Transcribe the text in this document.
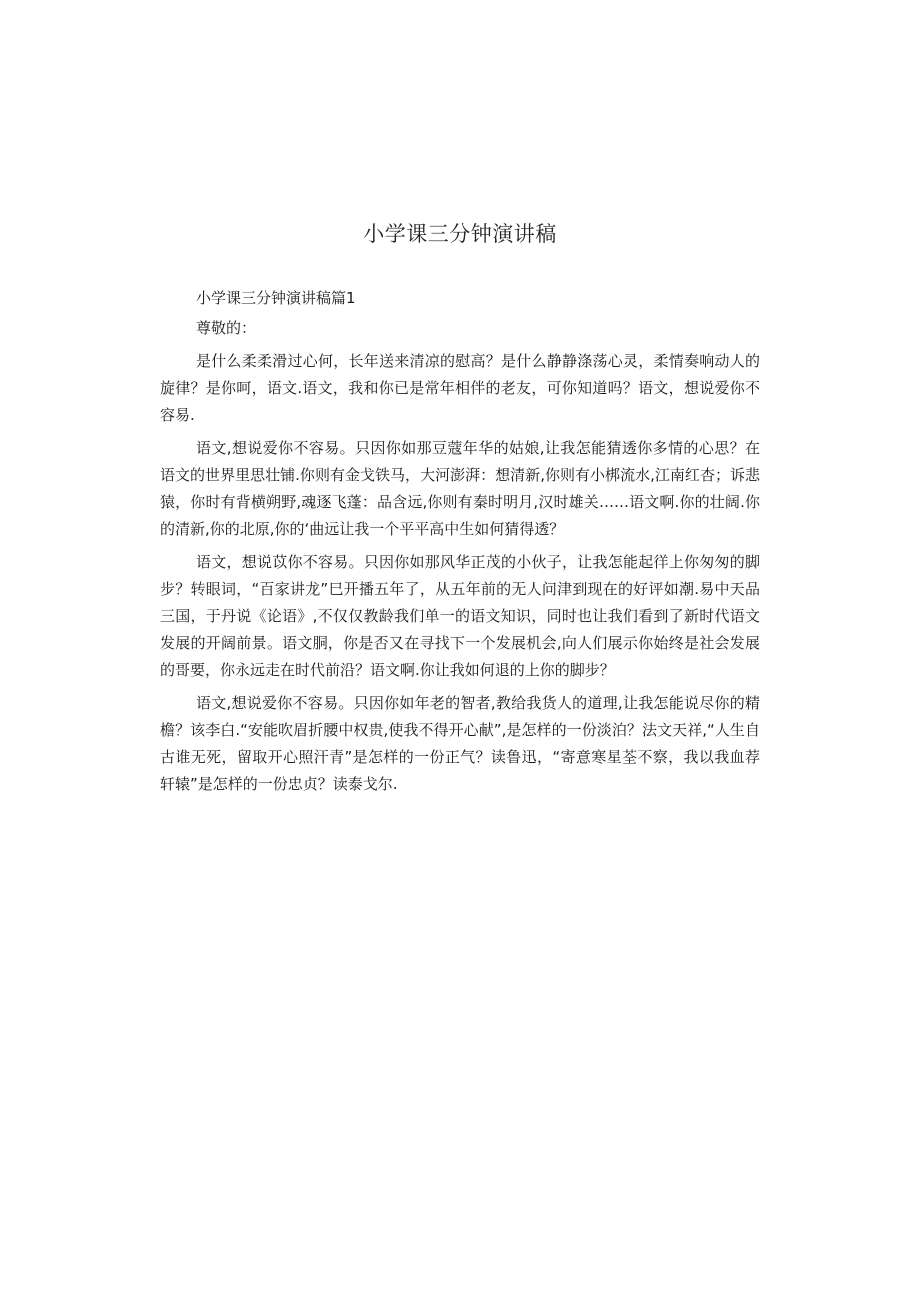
小学课三分钟演讲稿

小学课三分钟演讲稿篇1

尊敬的：

是什么柔柔滑过心何，长年送来清凉的慰高？是什么静静涤荡心灵，柔情奏响动人的旋律？是你呵，语文.语文，我和你已是常年相伴的老友，可你知道吗？语文，想说爱你不容易.

语文,想说爱你不容易。只因你如那豆蔻年华的姑娘,让我怎能猜透你多情的心思？在语文的世界里思壮铺.你则有金戈铁马，大河澎湃：想清新,你则有小梆流水,江南红杏；诉悲猿，你时有背横朔野,魂逐飞蓬：品含远,你则有秦时明月,汉时雄关……语文啊.你的壮阔.你的清新,你的北原,你的‘曲远让我一个平平高中生如何猜得透？

语文，想说苡你不容易。只因你如那风华正茂的小伙子，让我怎能起徉上你匆匆的脚步？转眼词，“百家讲龙”巳开播五年了，从五年前的无人问津到现在的好评如潮.易中天品三国，于丹说《论语》,不仅仅教龄我们单一的语文知识，同时也让我们看到了新时代语文发展的开阔前景。语文胴，你是否又在寻找下一个发展机会,向人们展示你始终是社会发展的哥要，你永远走在时代前沿？语文啊.你让我如何退的上你的脚步？

语文,想说爱你不容易。只因你如年老的智者,教给我货人的道理,让我怎能说尽你的精檐？该李白.“安能吹眉折腰中权贵,使我不得开心献”,是怎样的一份淡泊？法文天祥,“人生自古谁无死，留取开心照汗青”是怎样的一份正气？读鲁迅，“寄意寒星荃不察，我以我血荐轩辕”是怎样的一份忠贞？读泰戈尔.
